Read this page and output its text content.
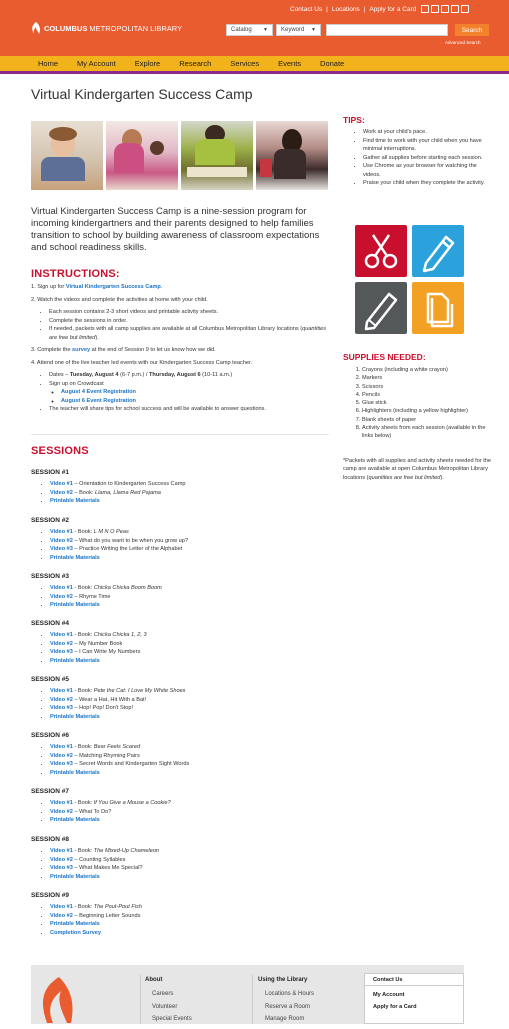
Contact Us | Locations | Apply for a Card
COLUMBUS METROPOLITAN LIBRARY	Catalog ▼ Keyword ▼	Search
Advanced Search
Home	My Account	Explore	Research	Services	Events	Donate
Virtual Kindergarten Success Camp

Virtual Kindergarten Success Camp is a nine-session program for incoming kindergartners and their parents designed to help families transition to school by building awareness of classroom expectations and school readiness skills.

INSTRUCTIONS:

1. Sign up for Virtual Kindergarten Success Camp.

2. Watch the videos and complete the activities at home with your child.

• Each session contains 2-3 short videos and printable activity sheets.
• Complete the sessions in order.
• If needed, packets with all camp supplies are available at all Columbus Metropolitan Library locations (quantities are free but limited).

3. Complete the survey at the end of Session 9 to let us know how we did.

4. Attend one of the live teacher led events with our Kindergarten Success Camp teacher.

• Dates – Tuesday, August 4 (6-7 p.m.) / Thursday, August 6 (10-11 a.m.)
• Sign up on Crowdcast
◦ August 4 Event Registration
◦ August 6 Event Registration
• The teacher will share tips for school success and will be available to answer questions.
SESSIONS
SESSION #1
• Video #1 – Orientation to Kindergarten Success Camp
• Video #2 – Book: Llama, Llama Red Pajama
• Printable Materials
SESSION #2
• Video #1 - Book: L M N O Peas
• Video #2 – What do you want to be when you grow up?
• Video #3 – Practice Writing the Letter of the Alphabet
• Printable Materials
SESSION #3
• Video #1 - Book: Chicka Chicka Boom Boom
• Video #2 – Rhyme Time
• Printable Materials
SESSION #4
• Video #1 - Book: Chicka Chicka 1, 2, 3
• Video #2 – My Number Book
• Video #3 – I Can Write My Numbers
• Printable Materials
SESSION #5
• Video #1 - Book: Pete the Cat: I Love My White Shoes
• Video #2 – Wear a Hat, Hit With a Bat!
• Video #3 – Hop! Pop! Don't Stop!
• Printable Materials
SESSION #6
• Video #1 - Book: Bear Feels Scared
• Video #2 – Matching Rhyming Pairs
• Video #3 – Secret Words and Kindergarten Sight Words
• Printable Materials
SESSION #7
• Video #1 - Book: If You Give a Mouse a Cookie?
• Video #2 – What To Do?
• Printable Materials
SESSION #8
• Video #1 - Book: The Mixed-Up Chameleon
• Video #2 – Counting Syllables
• Video #3 – What Makes Me Special?
• Printable Materials
SESSION #9
• Video #1 - Book: The Pout-Pout Fish
• Video #2 – Beginning Letter Sounds
• Printable Materials
• Completion Survey
TIPS:
• Work at your child's pace.
• Find time to work with your child when you have minimal interruptions.
• Gather all supplies before starting each session.
• Use Chrome as your browser for watching the videos.
• Praise your child when they complete the activity.
SUPPLIES NEEDED:
1. Crayons (including a white crayon)
2. Markers
3. Scissors
4. Pencils
5. Glue stick
6. Highlighters (including a yellow highlighter)
7. Blank sheets of paper
8. Activity sheets from each session (available in the links below)

*Packets with all supplies and activity sheets needed for the camp are available at open Columbus Metropolitan Library locations (quantities are free but limited).

About
Careers
Volunteer
Special Events
Using the Library
Locations & Hours
Reserve a Room
Manage Room
Contact Us
My Account
Apply for a Card
